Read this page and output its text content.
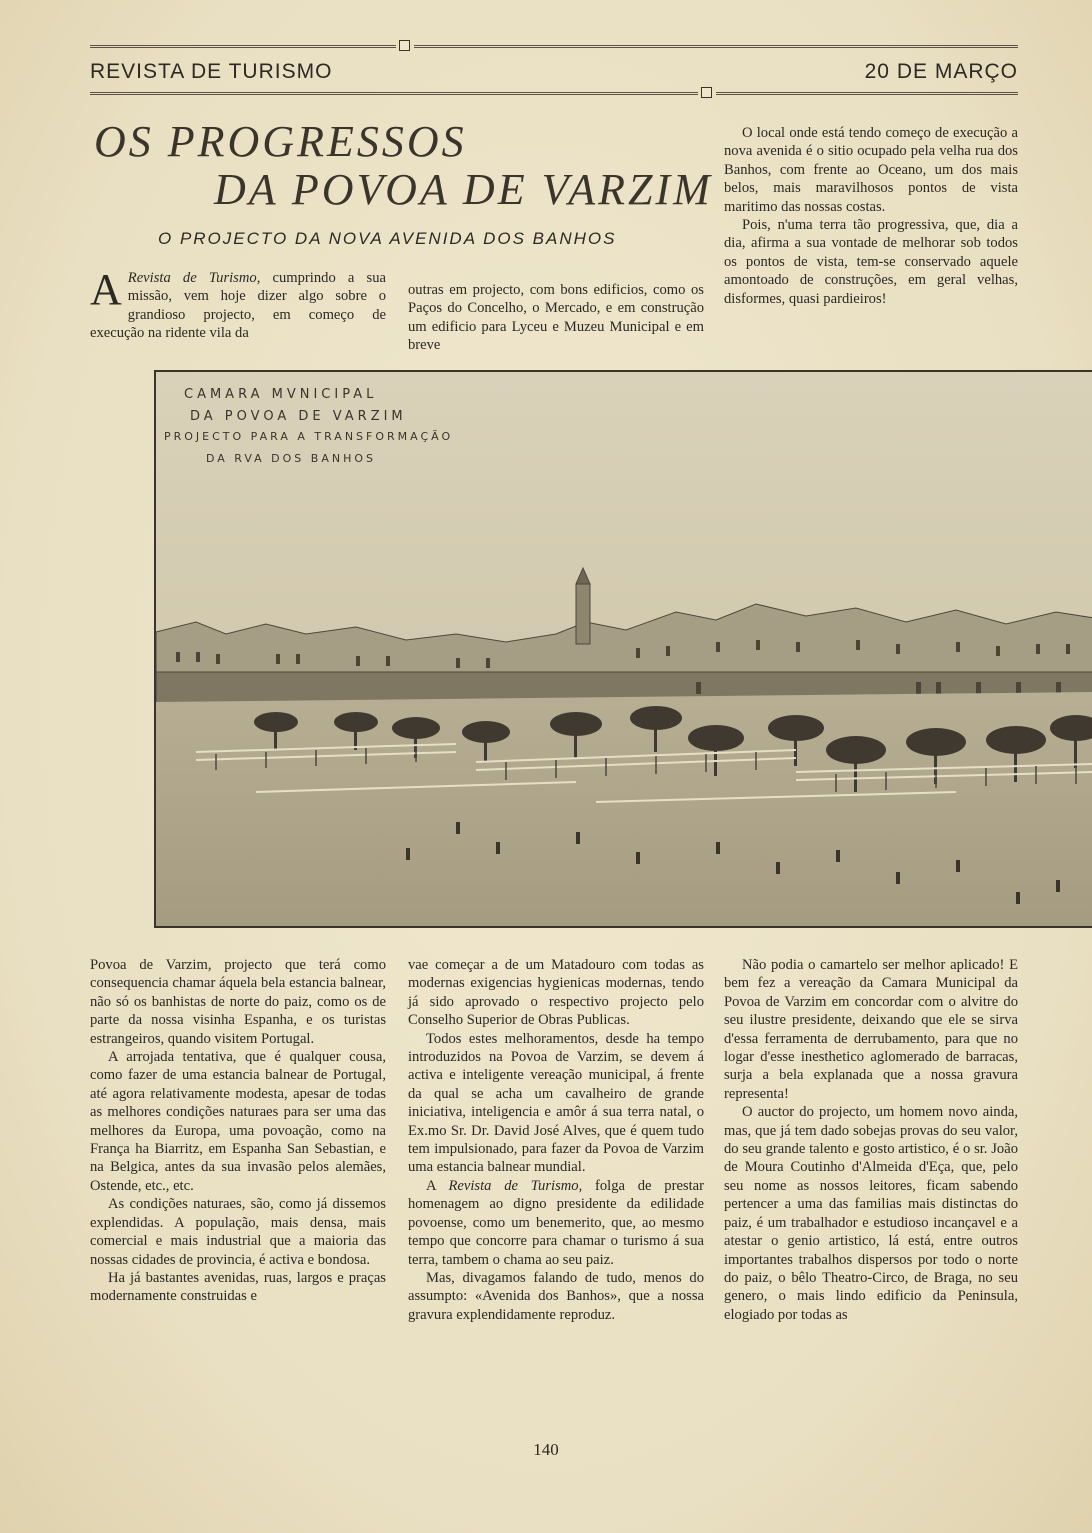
REVISTA DE TURISMO	20 DE MARÇO
OS PROGRESSOS
DA POVOA DE VARZIM
O PROJECTO DA NOVA AVENIDA DOS BANHOS

A Revista de Turismo, cumprindo a sua missão, vem hoje dizer algo sobre o grandioso projecto, em começo de execução na ridente vila da

outras em projecto, com bons edificios, como os Paços do Concelho, o Mercado, e em construção um edificio para Lyceu e Muzeu Municipal e em breve

O local onde está tendo começo de execução a nova avenida é o sitio ocupado pela velha rua dos Banhos, com frente ao Oceano, um dos mais belos, mais maravilhosos pontos de vista maritimo das nossas costas.

Pois, n'uma terra tão progressiva, que, dia a dia, afirma a sua vontade de melhorar sob todos os pontos de vista, tem-se conservado aquele amontoado de construções, em geral velhas, disformes, quasi pardieiros!

CAMARA MVNICIPAL
DA POVOA DE VARZIM
PROJECTO PARA A TRANSFORMAÇÃO
DA RVA DOS BANHOS

Povoa de Varzim, projecto que terá como consequencia chamar áquela bela estancia balnear, não só os banhistas de norte do paiz, como os de parte da nossa visinha Espanha, e os turistas estrangeiros, quando visitem Portugal.

A arrojada tentativa, que é qualquer cousa, como fazer de uma estancia balnear de Portugal, até agora relativamente modesta, apesar de todas as melhores condições naturaes para ser uma das melhores da Europa, uma povoação, como na França ha Biarritz, em Espanha San Sebastian, e na Belgica, antes da sua invasão pelos alemães, Ostende, etc., etc.

As condições naturaes, são, como já dissemos explendidas. A população, mais densa, mais comercial e mais industrial que a maioria das nossas cidades de provincia, é activa e bondosa.

Ha já bastantes avenidas, ruas, largos e praças modernamente construidas e

vae começar a de um Matadouro com todas as modernas exigencias hygienicas modernas, tendo já sido aprovado o respectivo projecto pelo Conselho Superior de Obras Publicas.

Todos estes melhoramentos, desde ha tempo introduzidos na Povoa de Varzim, se devem á activa e inteligente vereação municipal, á frente da qual se acha um cavalheiro de grande iniciativa, inteligencia e amôr á sua terra natal, o Ex.mo Sr. Dr. David José Alves, que é quem tudo tem impulsionado, para fazer da Povoa de Varzim uma estancia balnear mundial.

A Revista de Turismo, folga de prestar homenagem ao digno presidente da edilidade povoense, como um benemerito, que, ao mesmo tempo que concorre para chamar o turismo á sua terra, tambem o chama ao seu paiz.

Mas, divagamos falando de tudo, menos do assumpto: «Avenida dos Banhos», que a nossa gravura explendidamente reproduz.

Não podia o camartelo ser melhor aplicado! E bem fez a vereação da Camara Municipal da Povoa de Varzim em concordar com o alvitre do seu ilustre presidente, deixando que ele se sirva d'essa ferramenta de derrubamento, para que no logar d'esse inesthetico aglomerado de barracas, surja a bela explanada que a nossa gravura representa!

O auctor do projecto, um homem novo ainda, mas, que já tem dado sobejas provas do seu valor, do seu grande talento e gosto artistico, é o sr. João de Moura Coutinho d'Almeida d'Eça, que, pelo seu nome as nossos leitores, ficam sabendo pertencer a uma das familias mais distinctas do paiz, é um trabalhador e estudioso incançavel e a atestar o genio artistico, lá está, entre outros importantes trabalhos dispersos por todo o norte do paiz, o bêlo Theatro-Circo, de Braga, no seu genero, o mais lindo edificio da Peninsula, elogiado por todas as

140
